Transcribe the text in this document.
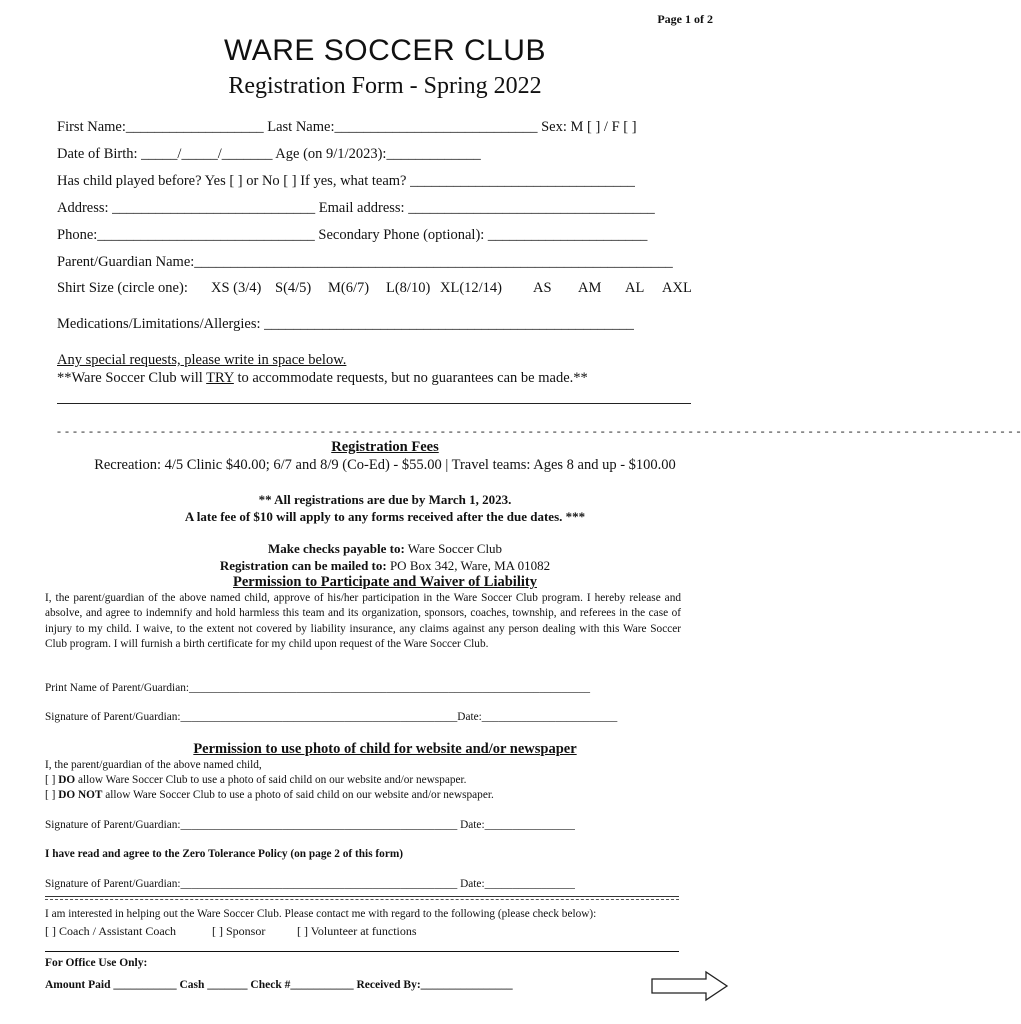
Page 1 of 2
WARE SOCCER CLUB
Registration Form - Spring 2022
First Name:___________________ Last Name:____________________________ Sex: M [ ] / F [ ]
Date of Birth: _____/_____/_______ Age (on 9/1/2023):_____________
Has child played before? Yes [ ] or No [ ] If yes, what team? _______________________________
Address: ____________________________ Email address: __________________________________
Phone:______________________________ Secondary Phone (optional): ______________________
Parent/Guardian Name:__________________________________________________________________
Shirt Size (circle one): XS (3/4) S(4/5) M(6/7) L(8/10) XL(12/14) AS AM AL AXL
Medications/Limitations/Allergies: ___________________________________________________
Any special requests, please write in space below.
**Ware Soccer Club will TRY to accommodate requests, but no guarantees can be made.**
- - - - - - - - - - - - - - - - - - - - - - - - - - - - - - - - - - - - - - - - - - - - - - - - - - - - - - - - - - - - - - - - - - - - - - - - - - - - - - - - - - - - - - - - - - - - - - - - - - - - - - - - - - - - - - - - - - - - - - - - -
Registration Fees
Recreation: 4/5 Clinic $40.00; 6/7 and 8/9 (Co-Ed) - $55.00 | Travel teams: Ages 8 and up - $100.00
** All registrations are due by March 1, 2023.
A late fee of $10 will apply to any forms received after the due dates. ***
Make checks payable to: Ware Soccer Club
Registration can be mailed to: PO Box 342, Ware, MA 01082
Permission to Participate and Waiver of Liability
I, the parent/guardian of the above named child, approve of his/her participation in the Ware Soccer Club program. I hereby release and absolve, and agree to indemnify and hold harmless this team and its organization, sponsors, coaches, township, and referees in the case of injury to my child. I waive, to the extent not covered by liability insurance, any claims against any person dealing with this Ware Soccer Club program. I will furnish a birth certificate for my child upon request of the Ware Soccer Club.
Print Name of Parent/Guardian:_______________________________________________________________________
Signature of Parent/Guardian:_________________________________________________Date:________________________
Permission to use photo of child for website and/or newspaper
I, the parent/guardian of the above named child,
[ ] DO allow Ware Soccer Club to use a photo of said child on our website and/or newspaper.
[ ] DO NOT allow Ware Soccer Club to use a photo of said child on our website and/or newspaper.
Signature of Parent/Guardian:_________________________________________________ Date:________________
I have read and agree to the Zero Tolerance Policy (on page 2 of this form)
Signature of Parent/Guardian:_________________________________________________ Date:________________
I am interested in helping out the Ware Soccer Club. Please contact me with regard to the following (please check below):
[ ] Coach / Assistant Coach	[ ] Sponsor	[ ] Volunteer at functions
For Office Use Only:
Amount Paid ___________ Cash _______ Check #___________ Received By:________________
